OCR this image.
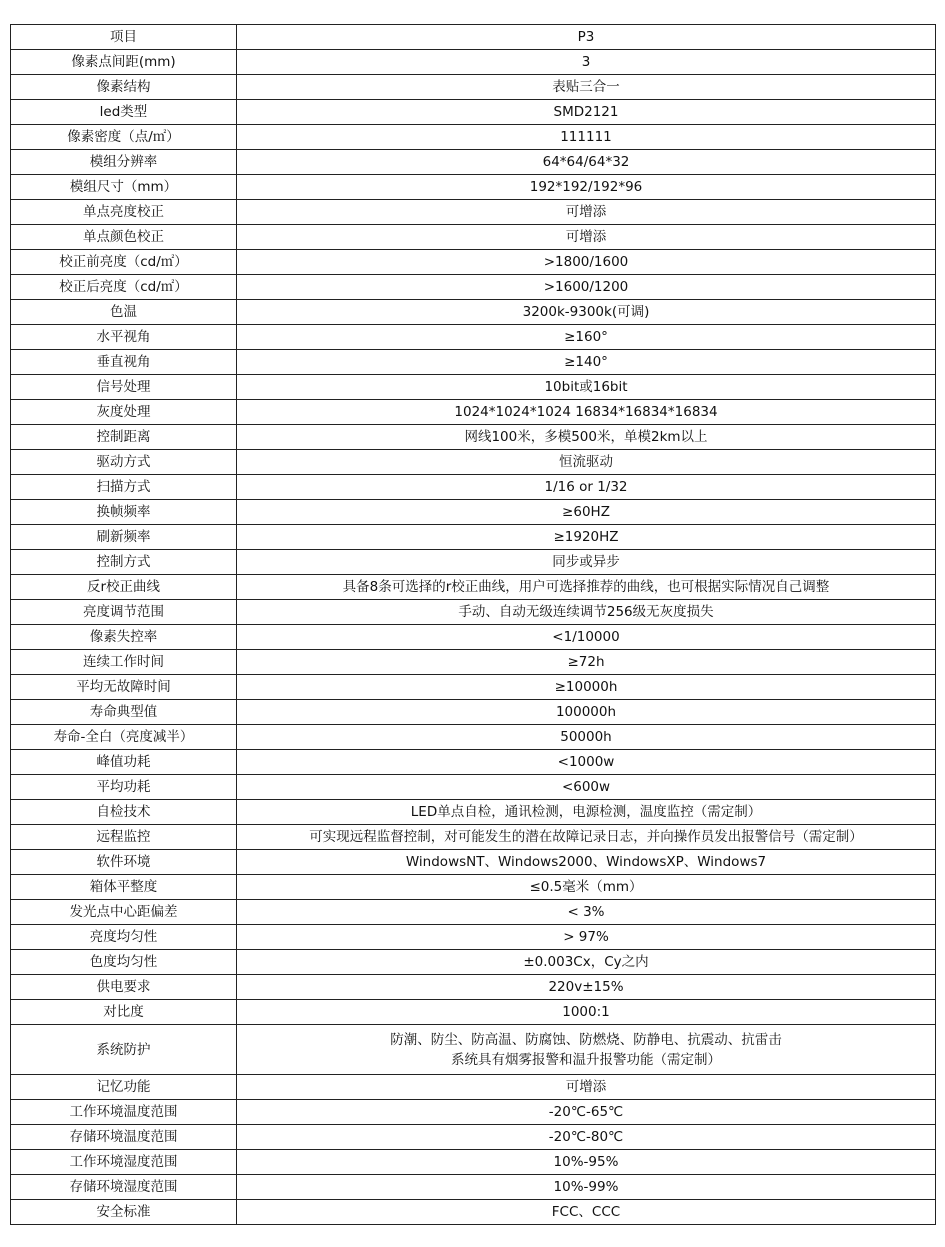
项目	P3
像素点间距(mm)	3
像素结构	表贴三合一
led类型	SMD2121
像素密度（点/㎡）	111111
模组分辨率	64*64/64*32
模组尺寸（mm）	192*192/192*96
单点亮度校正	可增添
单点颜色校正	可增添
校正前亮度（cd/㎡）	>1800/1600
校正后亮度（cd/㎡）	>1600/1200
色温	3200k-9300k(可调)
水平视角	≥160°
垂直视角	≥140°
信号处理	10bit或16bit
灰度处理	1024*1024*1024 16834*16834*16834
控制距离	网线100米，多模500米，单模2km以上
驱动方式	恒流驱动
扫描方式	1/16 or 1/32
换帧频率	≥60HZ
刷新频率	≥1920HZ
控制方式	同步或异步
反r校正曲线	具备8条可选择的r校正曲线，用户可选择推荐的曲线，也可根据实际情况自己调整
亮度调节范围	手动、自动无级连续调节256级无灰度损失
像素失控率	<1/10000
连续工作时间	≥72h
平均无故障时间	≥10000h
寿命典型值	100000h
寿命-全白（亮度减半）	50000h
峰值功耗	<1000w
平均功耗	<600w
自检技术	LED单点自检，通讯检测，电源检测，温度监控（需定制）
远程监控	可实现远程监督控制，对可能发生的潜在故障记录日志，并向操作员发出报警信号（需定制）
软件环境	WindowsNT、Windows2000、WindowsXP、Windows7
箱体平整度	≤0.5毫米（mm）
发光点中心距偏差	< 3%
亮度均匀性	> 97%
色度均匀性	±0.003Cx，Cy之内
供电要求	220v±15%
对比度	1000:1
系统防护	防潮、防尘、防高温、防腐蚀、防燃烧、防静电、抗震动、抗雷击
系统具有烟雾报警和温升报警功能（需定制）

记忆功能	可增添
工作环境温度范围	-20℃-65℃
存储环境温度范围	-20℃-80℃
工作环境湿度范围	10%-95%
存储环境湿度范围	10%-99%
安全标准	FCC、CCC
